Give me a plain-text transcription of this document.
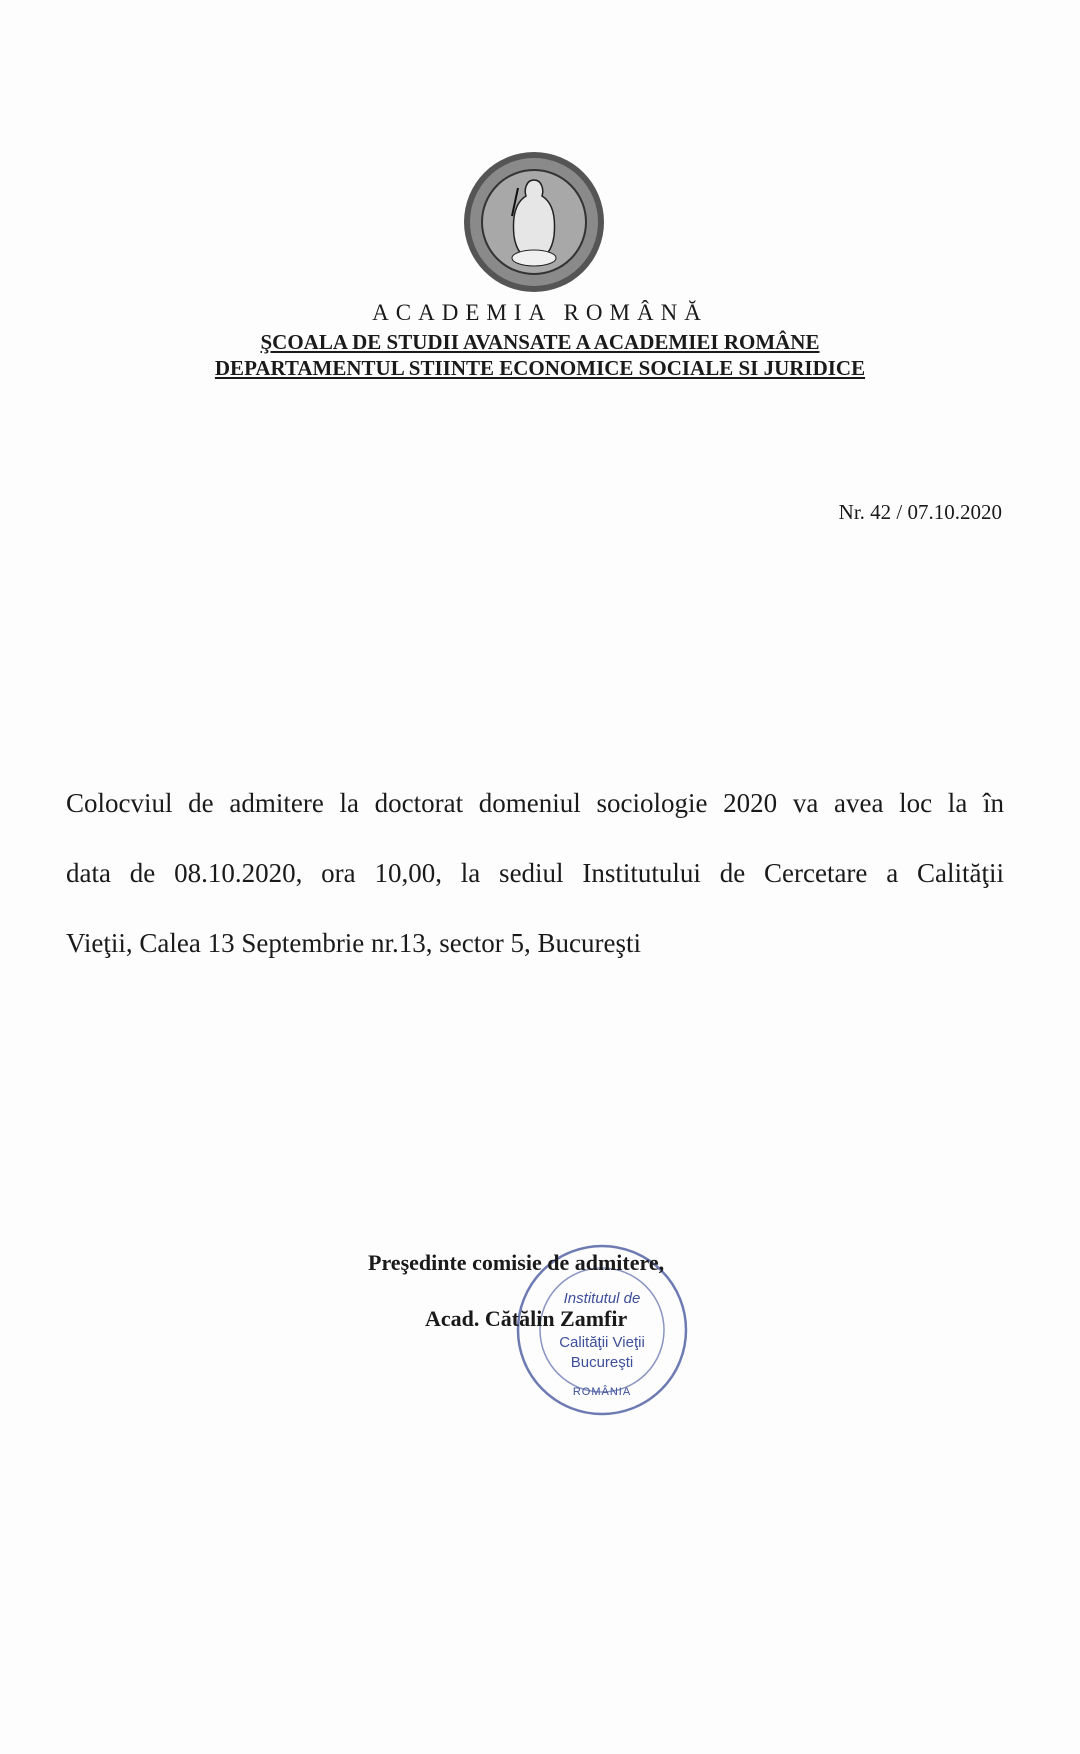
ACADEMIA ROMÂNĂ
ŞCOALA DE STUDII AVANSATE A ACADEMIEI ROMÂNE
DEPARTAMENTUL STIINTE ECONOMICE SOCIALE SI JURIDICE
Nr. 42 / 07.10.2020
Colocviul de admitere la doctorat domeniul sociologie 2020 va avea loc la în
data de 08.10.2020, ora 10,00, la sediul Institutului de Cercetare a Calităţii
Vieţii, Calea 13 Septembrie nr.13, sector 5, Bucureşti
Institutul de
Calităţii Vieţii
Bucureşti
ROMÂNIA
Preşedinte comisie de admitere,
Acad. Cătălin Zamfir
